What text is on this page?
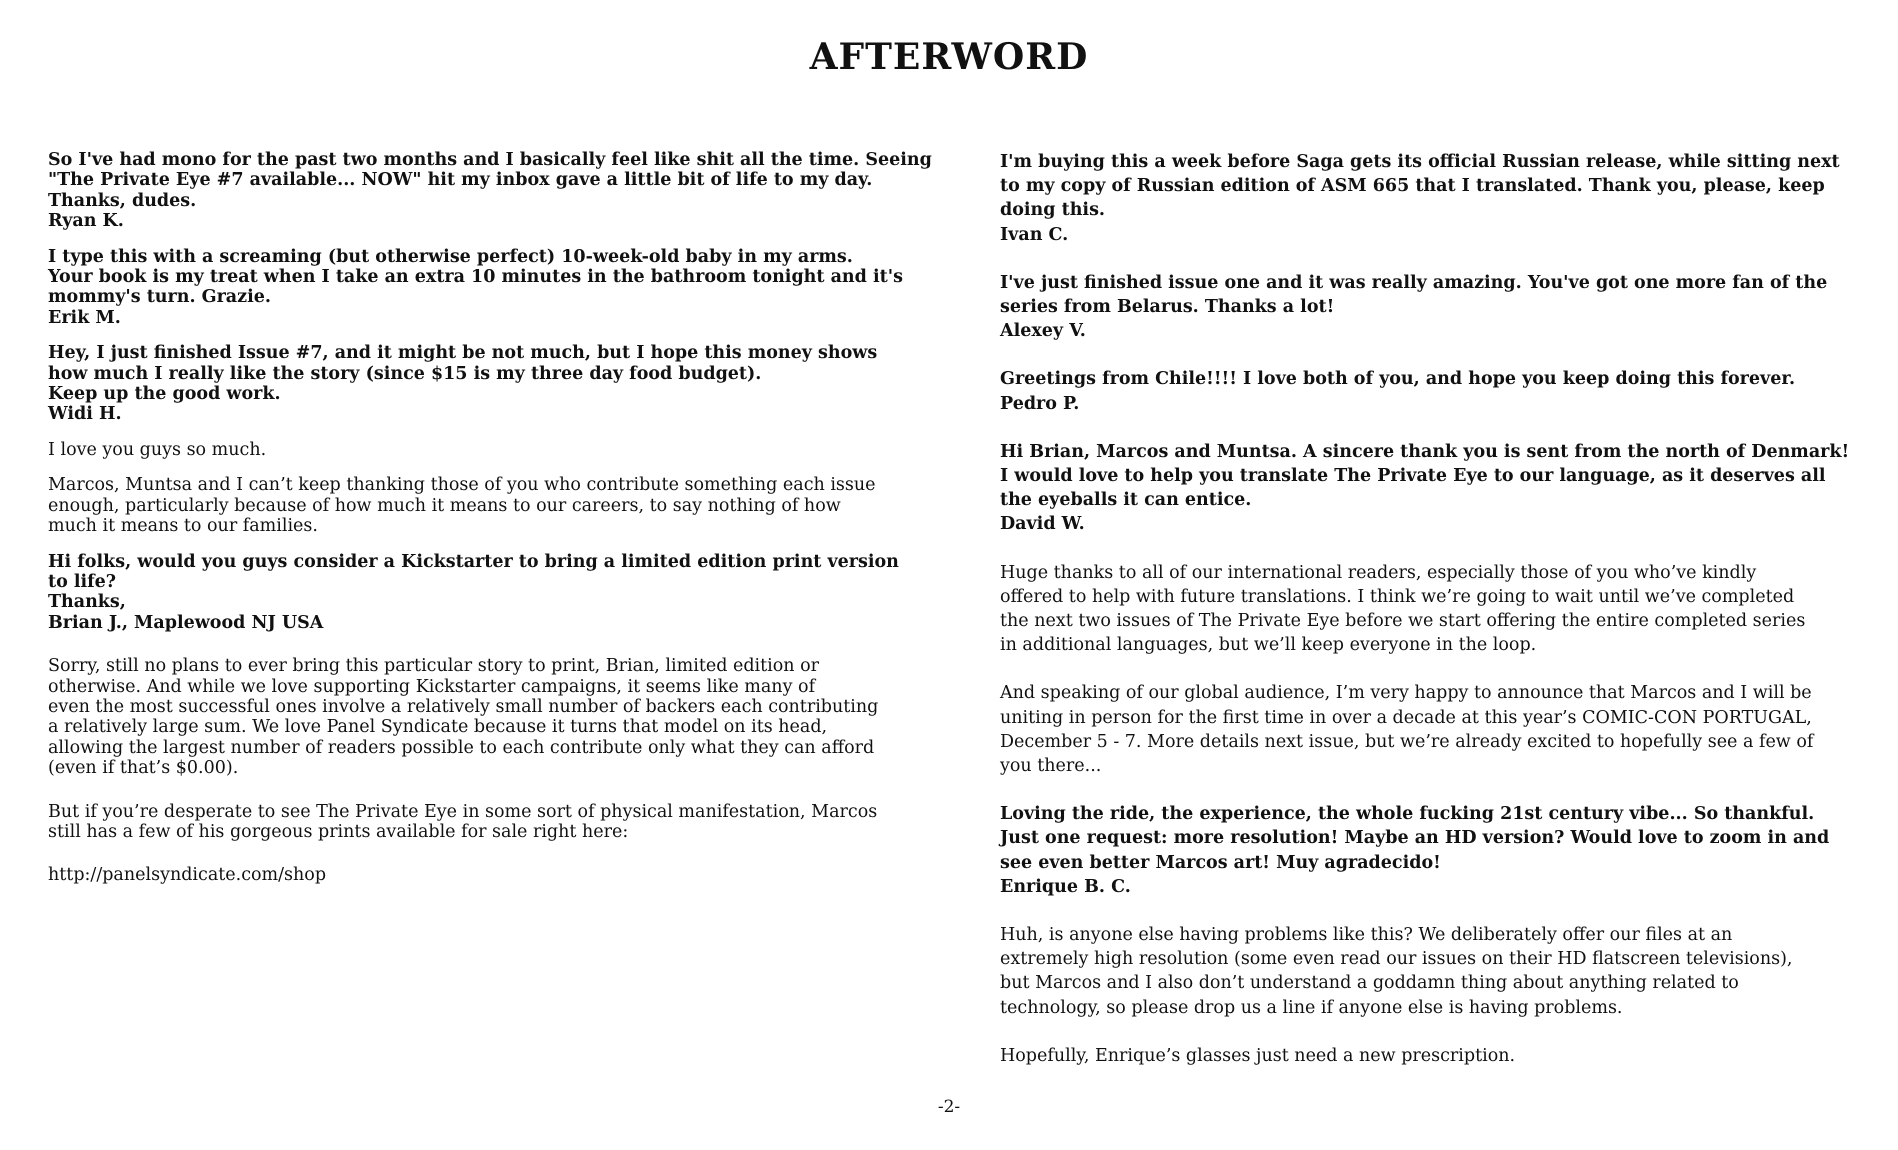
AFTERWORD
So I've had mono for the past two months and I basically feel like shit all the time. Seeing
"The Private Eye #7 available... NOW" hit my inbox gave a little bit of life to my day.
Thanks, dudes.
Ryan K.
I type this with a screaming (but otherwise perfect) 10-week-old baby in my arms.
Your book is my treat when I take an extra 10 minutes in the bathroom tonight and it's
mommy's turn. Grazie.
Erik M.
Hey, I just finished Issue #7, and it might be not much, but I hope this money shows
how much I really like the story (since $15 is my three day food budget).
Keep up the good work.
Widi H.
I love you guys so much.
Marcos, Muntsa and I can’t keep thanking those of you who contribute something each issue
enough, particularly because of how much it means to our careers, to say nothing of how
much it means to our families.
Hi folks, would you guys consider a Kickstarter to bring a limited edition print version
to life?
Thanks,
Brian J., Maplewood NJ USA
Sorry, still no plans to ever bring this particular story to print, Brian, limited edition or
otherwise. And while we love supporting Kickstarter campaigns, it seems like many of
even the most successful ones involve a relatively small number of backers each contributing
a relatively large sum. We love Panel Syndicate because it turns that model on its head,
allowing the largest number of readers possible to each contribute only what they can afford
(even if that’s $0.00).
But if you’re desperate to see The Private Eye in some sort of physical manifestation, Marcos
still has a few of his gorgeous prints available for sale right here:
http://panelsyndicate.com/shop
I'm buying this a week before Saga gets its official Russian release, while sitting next
to my copy of Russian edition of ASM 665 that I translated. Thank you, please, keep
doing this.
Ivan C.
I've just finished issue one and it was really amazing. You've got one more fan of the
series from Belarus. Thanks a lot!
Alexey V.
Greetings from Chile!!!! I love both of you, and hope you keep doing this forever.
Pedro P.
Hi Brian, Marcos and Muntsa. A sincere thank you is sent from the north of Denmark!
I would love to help you translate The Private Eye to our language, as it deserves all
the eyeballs it can entice.
David W.
Huge thanks to all of our international readers, especially those of you who’ve kindly
offered to help with future translations. I think we’re going to wait until we’ve completed
the next two issues of The Private Eye before we start offering the entire completed series
in additional languages, but we’ll keep everyone in the loop.
And speaking of our global audience, I’m very happy to announce that Marcos and I will be
uniting in person for the first time in over a decade at this year’s COMIC-CON PORTUGAL,
December 5 - 7. More details next issue, but we’re already excited to hopefully see a few of
you there...
Loving the ride, the experience, the whole fucking 21st century vibe... So thankful.
Just one request: more resolution! Maybe an HD version? Would love to zoom in and
see even better Marcos art! Muy agradecido!
Enrique B. C.
Huh, is anyone else having problems like this? We deliberately offer our files at an
extremely high resolution (some even read our issues on their HD flatscreen televisions),
but Marcos and I also don’t understand a goddamn thing about anything related to
technology, so please drop us a line if anyone else is having problems.
Hopefully, Enrique’s glasses just need a new prescription.
-2-
